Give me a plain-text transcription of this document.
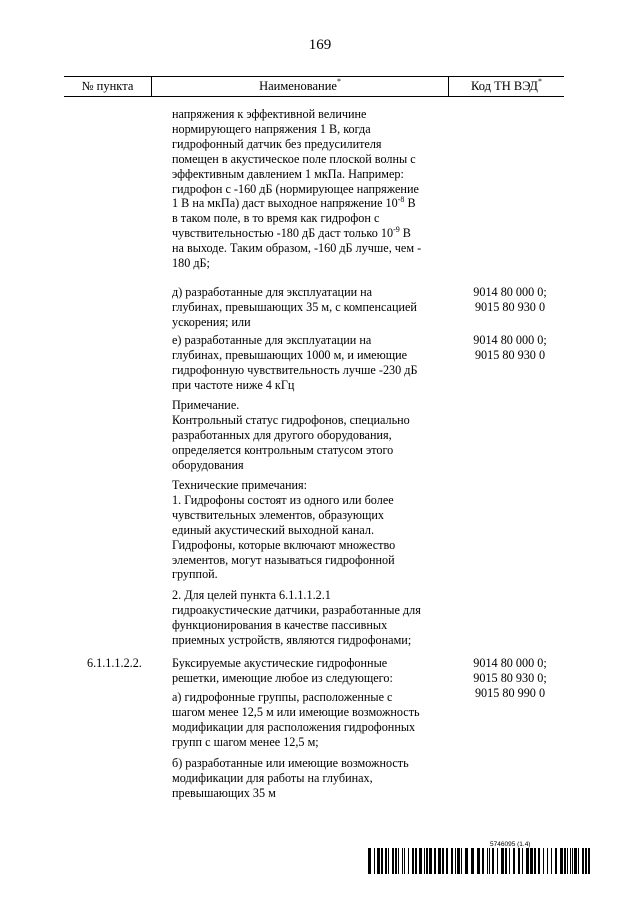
169
№ пункта	Наименование*	Код ТН ВЭД*

напряжения к эффективной величине

нормирующего напряжения 1 В, когда

гидрофонный датчик без предусилителя

помещен в акустическое поле плоской волны с

эффективным давлением 1 мкПа. Например:

гидрофон с -160 дБ (нормирующее напряжение

1 В на мкПа) даст выходное напряжение $10^{-8}$ В

в таком поле, в то время как гидрофон с

чувствительностью -180 дБ даст только $10^{-9}$ В

на выходе. Таким образом, -160 дБ лучше, чем -

180 дБ;

д) разработанные для эксплуатации на

глубинах, превышающих 35 м, с компенсацией

ускорения; или

9014 80 000 0;
9015 80 930 0

е) разработанные для эксплуатации на

глубинах, превышающих 1000 м, и имеющие

гидрофонную чувствительность лучше -230 дБ

при частоте ниже 4 кГц

9014 80 000 0;
9015 80 930 0

Примечание.

Контрольный статус гидрофонов, специально

разработанных для другого оборудования,

определяется контрольным статусом этого

оборудования

Технические примечания:

1. Гидрофоны состоят из одного или более

чувствительных элементов, образующих

единый акустический выходной канал.

Гидрофоны, которые включают множество

элементов, могут называться гидрофонной

группой.

2. Для целей пункта 6.1.1.1.2.1

гидроакустические датчики, разработанные для

функционирования в качестве пассивных

приемных устройств, являются гидрофонами;

6.1.1.1.2.2. Буксируемые акустические гидрофонные

решетки, имеющие любое из следующего:

9014 80 000 0;
9015 80 930 0;
9015 80 990 0

а) гидрофонные группы, расположенные с

шагом менее 12,5 м или имеющие возможность

модификации для расположения гидрофонных

групп с шагом менее 12,5 м;

б) разработанные или имеющие возможность

модификации для работы на глубинах,

превышающих 35 м

5746095 (1.4)
